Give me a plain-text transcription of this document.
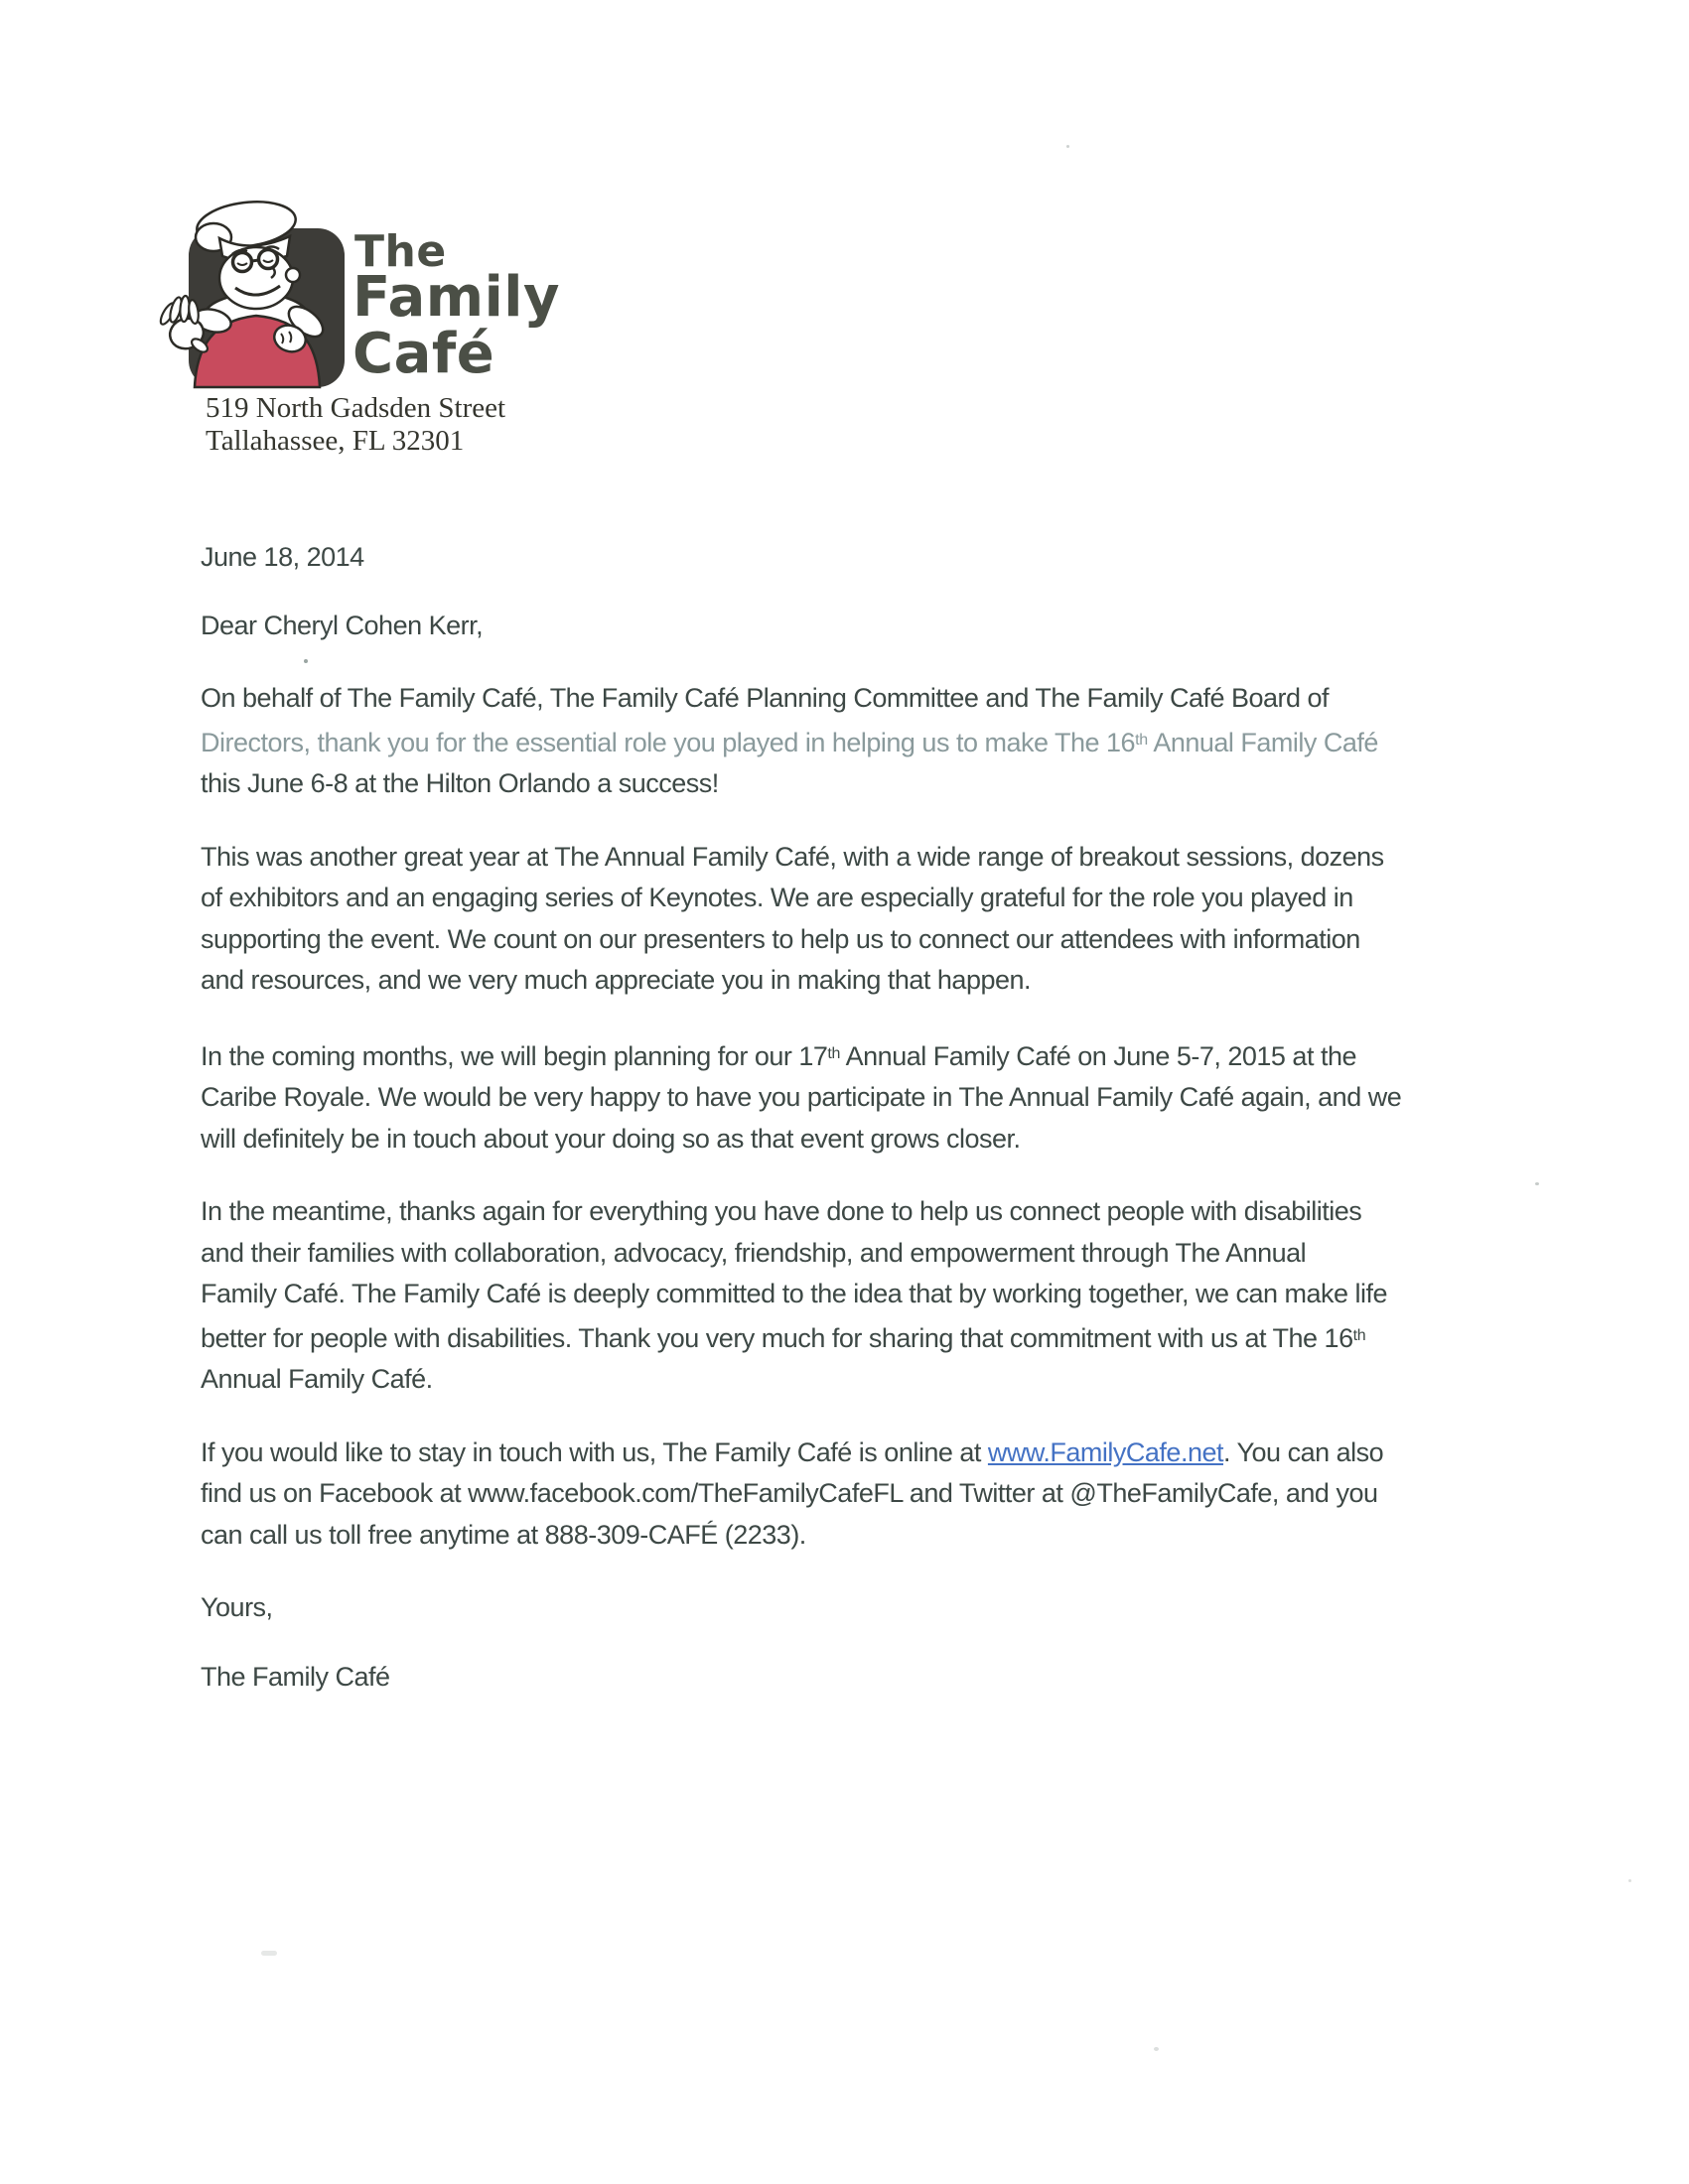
The
Family
Café
519 North Gadsden Street
Tallahassee, FL 32301
June 18, 2014
Dear Cheryl Cohen Kerr,
On behalf of The Family Café, The Family Café Planning Committee and The Family Café Board of
Directors, thank you for the essential role you played in helping us to make The 16th Annual Family Café
this June 6-8 at the Hilton Orlando a success!
This was another great year at The Annual Family Café, with a wide range of breakout sessions, dozens
of exhibitors and an engaging series of Keynotes. We are especially grateful for the role you played in
supporting the event. We count on our presenters to help us to connect our attendees with information
and resources, and we very much appreciate you in making that happen.
In the coming months, we will begin planning for our 17th Annual Family Café on June 5-7, 2015 at the
Caribe Royale. We would be very happy to have you participate in The Annual Family Café again, and we
will definitely be in touch about your doing so as that event grows closer.
In the meantime, thanks again for everything you have done to help us connect people with disabilities
and their families with collaboration, advocacy, friendship, and empowerment through The Annual
Family Café. The Family Café is deeply committed to the idea that by working together, we can make life
better for people with disabilities. Thank you very much for sharing that commitment with us at The 16th
Annual Family Café.
If you would like to stay in touch with us, The Family Café is online at www.FamilyCafe.net. You can also
find us on Facebook at www.facebook.com/TheFamilyCafeFL and Twitter at @TheFamilyCafe, and you
can call us toll free anytime at 888-309-CAFÉ (2233).
Yours,
The Family Café
